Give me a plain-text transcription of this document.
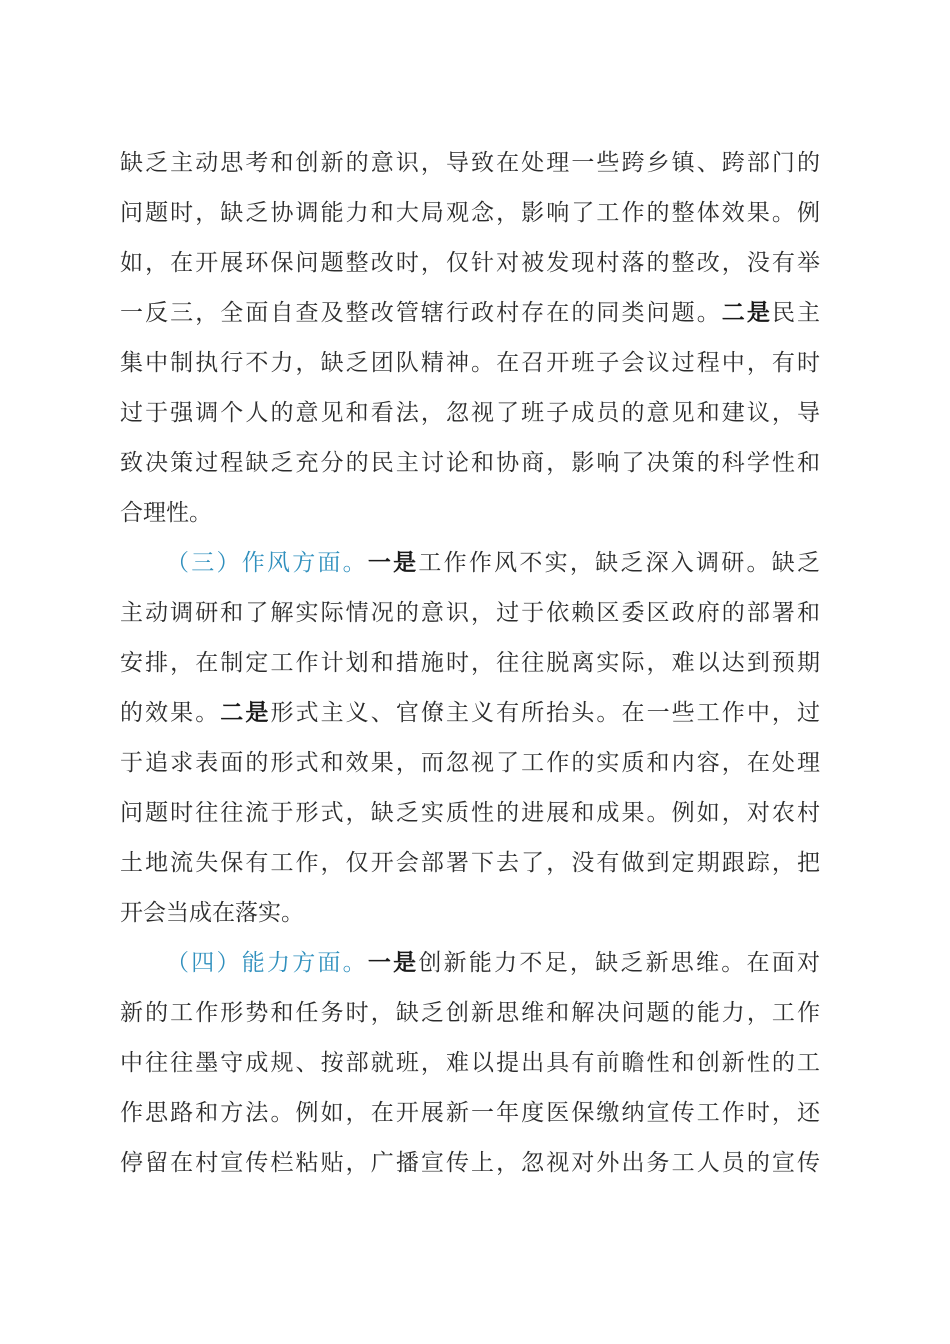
缺乏主动思考和创新的意识，导致在处理一些跨乡镇、跨部门的
问题时，缺乏协调能力和大局观念，影响了工作的整体效果。例
如，在开展环保问题整改时，仅针对被发现村落的整改，没有举
一反三，全面自查及整改管辖行政村存在的同类问题。二是民主
集中制执行不力，缺乏团队精神。在召开班子会议过程中，有时
过于强调个人的意见和看法，忽视了班子成员的意见和建议，导
致决策过程缺乏充分的民主讨论和协商，影响了决策的科学性和
合理性。
（三）作风方面。一是工作作风不实，缺乏深入调研。缺乏
主动调研和了解实际情况的意识，过于依赖区委区政府的部署和
安排，在制定工作计划和措施时，往往脱离实际，难以达到预期
的效果。二是形式主义、官僚主义有所抬头。在一些工作中，过
于追求表面的形式和效果，而忽视了工作的实质和内容，在处理
问题时往往流于形式，缺乏实质性的进展和成果。例如，对农村
土地流失保有工作，仅开会部署下去了，没有做到定期跟踪，把
开会当成在落实。
（四）能力方面。一是创新能力不足，缺乏新思维。在面对
新的工作形势和任务时，缺乏创新思维和解决问题的能力，工作
中往往墨守成规、按部就班，难以提出具有前瞻性和创新性的工
作思路和方法。例如，在开展新一年度医保缴纳宣传工作时，还
停留在村宣传栏粘贴，广播宣传上，忽视对外出务工人员的宣传
